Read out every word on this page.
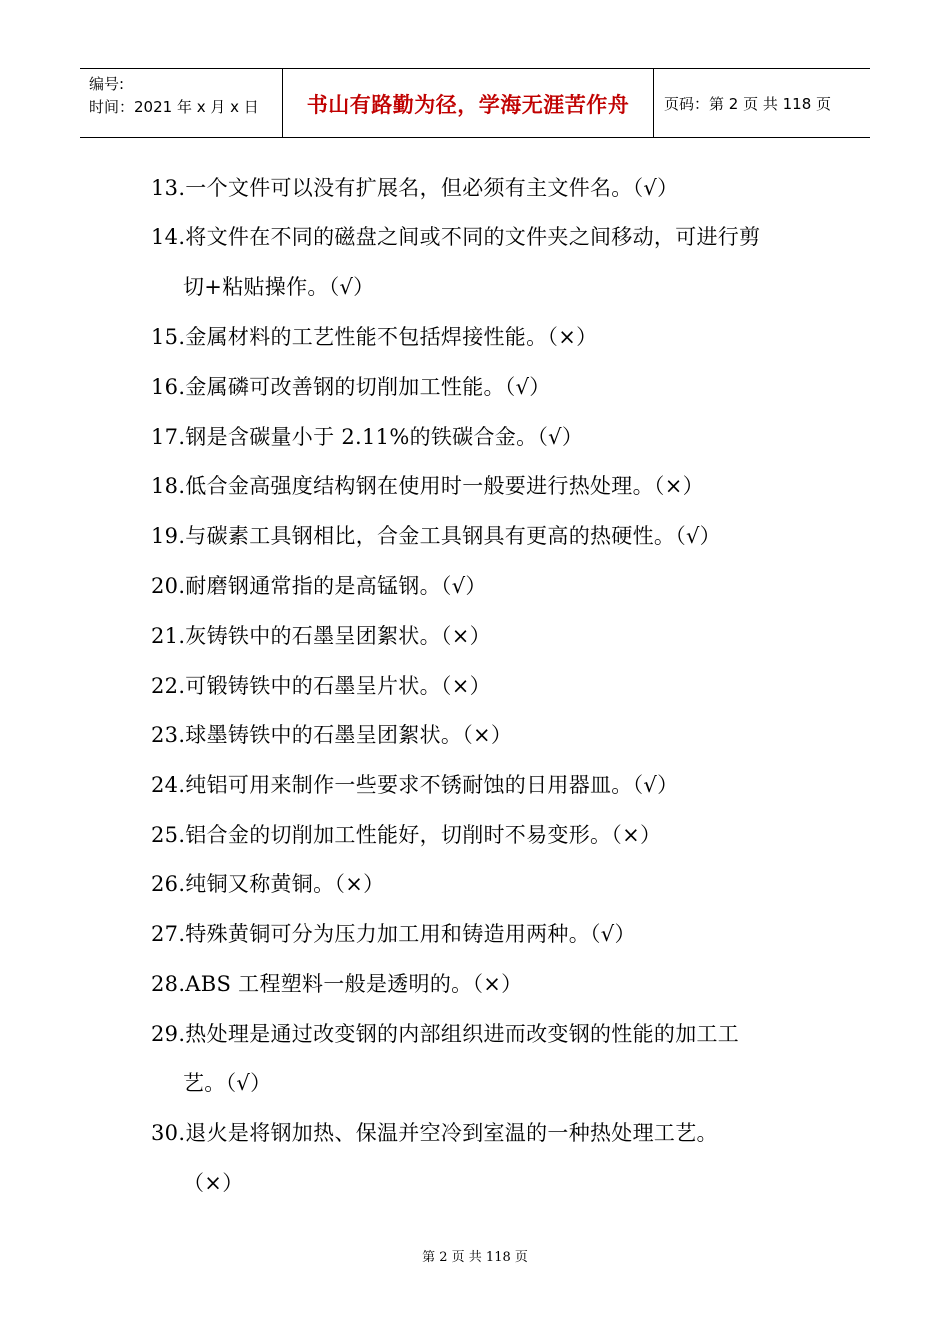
编号:
时间：2021 年 x 月 x 日	书山有路勤为径，学海无涯苦作舟	页码：第 2 页 共 118 页
13.一个文件可以没有扩展名，但必须有主文件名。（√）
14.将文件在不同的磁盘之间或不同的文件夹之间移动，可进行剪
切+粘贴操作。（√）
15.金属材料的工艺性能不包括焊接性能。（×）
16.金属磷可改善钢的切削加工性能。（√）
17.钢是含碳量小于 2.11%的铁碳合金。（√）
18.低合金高强度结构钢在使用时一般要进行热处理。（×）
19.与碳素工具钢相比，合金工具钢具有更高的热硬性。（√）
20.耐磨钢通常指的是高锰钢。（√）
21.灰铸铁中的石墨呈团絮状。（×）
22.可锻铸铁中的石墨呈片状。（×）
23.球墨铸铁中的石墨呈团絮状。（×）
24.纯铝可用来制作一些要求不锈耐蚀的日用器皿。（√）
25.铝合金的切削加工性能好，切削时不易变形。（×）
26.纯铜又称黄铜。（×）
27.特殊黄铜可分为压力加工用和铸造用两种。（√）
28.ABS 工程塑料一般是透明的。（×）
29.热处理是通过改变钢的内部组织进而改变钢的性能的加工工
艺。（√）
30.退火是将钢加热、保温并空冷到室温的一种热处理工艺。
（×）
第 2 页 共 118 页
